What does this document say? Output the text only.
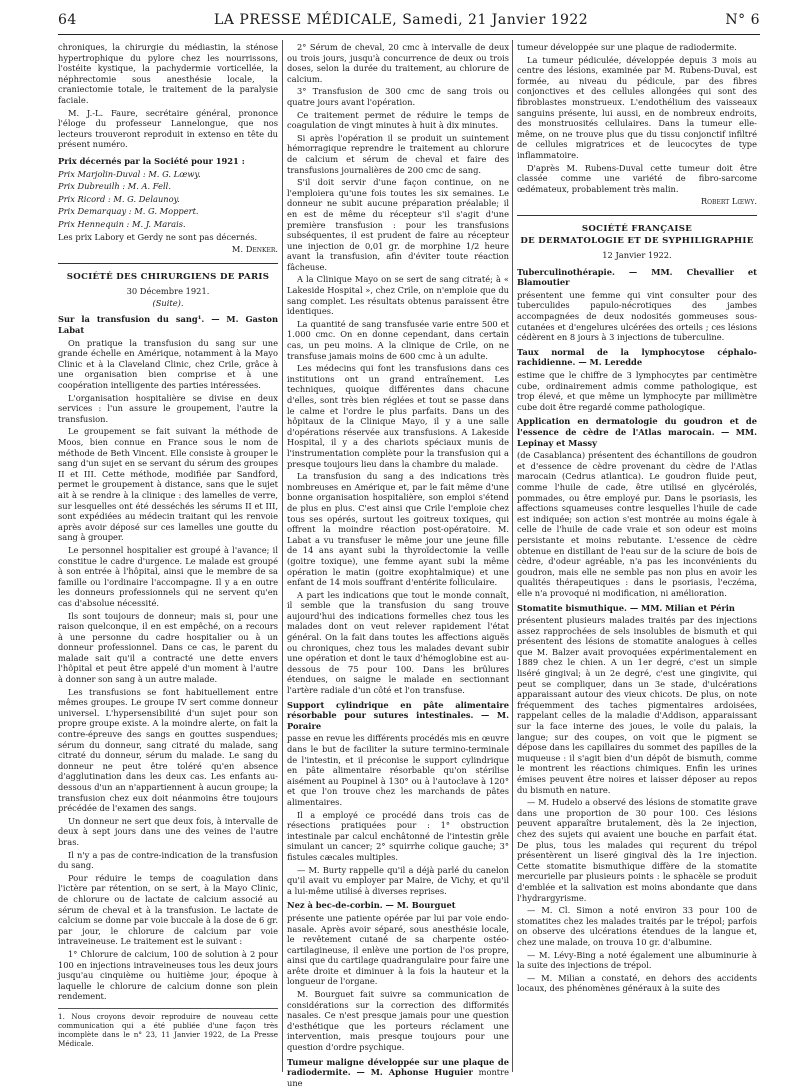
64	LA PRESSE MÉDICALE, Samedi, 21 Janvier 1922	N° 6

chroniques, la chirurgie du médiastin, la sténose hypertrophique du pylore chez les nourrissons, l'ostéite kystique, la pachydermie vorticellée, la néphrectomie sous anesthésie locale, la craniectomie totale, le traitement de la paralysie faciale.

M. J.-L. Faure, secrétaire général, prononce l'éloge du professeur Lannelongue, que nos lecteurs trouveront reproduit in extenso en tête du présent numéro.

Prix décernés par la Société pour 1921 :

Prix Marjolin-Duval : M. G. Lœwy.

Prix Dubreuilh : M. A. Fell.

Prix Ricord : M. G. Delaunoy.

Prix Demarquay : M. G. Moppert.

Prix Hennequin : M. J. Marais.

Les prix Labory et Gerdy ne sont pas décernés.

M. Denker.
SOCIÉTÉ DES CHIRURGIENS DE PARIS
30 Décembre 1921.
(Suite).

Sur la transfusion du sang¹. — M. Gaston Labat

On pratique la transfusion du sang sur une grande échelle en Amérique, notamment à la Mayo Clinic et à la Claveland Clinic, chez Crile, grâce à une organisation bien comprise et à une coopération intelligente des parties intéressées.

L'organisation hospitalière se divise en deux services : l'un assure le groupement, l'autre la transfusion.

Le groupement se fait suivant la méthode de Moos, bien connue en France sous le nom de méthode de Beth Vincent. Elle consiste à grouper le sang d'un sujet en se servant du sérum des groupes II et III. Cette méthode, modifiée par Sandford, permet le groupement à distance, sans que le sujet ait à se rendre à la clinique : des lamelles de verre, sur lesquelles ont été desséchés les sérums II et III, sont expédiées au médecin traitant qui les renvoie après avoir déposé sur ces lamelles une goutte du sang à grouper.

Le personnel hospitalier est groupé à l'avance; il constitue le cadre d'urgence. Le malade est groupé à son entrée à l'hôpital, ainsi que le membre de sa famille ou l'ordinaire l'accompagne. Il y a en outre les donneurs professionnels qui ne servent qu'en cas d'absolue nécessité.

Ils sont toujours de donneur; mais si, pour une raison quelconque, il en est empêché, on a recours à une personne du cadre hospitalier ou à un donneur professionnel. Dans ce cas, le parent du malade sait qu'il a contracté une dette envers l'hôpital et peut être appelé d'un moment à l'autre à donner son sang à un autre malade.

Les transfusions se font habituellement entre mêmes groupes. Le groupe IV sert comme donneur universel. L'hypersensibilité d'un sujet pour son propre groupe existe. A la moindre alerte, on fait la contre-épreuve des sangs en gouttes suspendues; sérum du donneur, sang citraté du malade, sang citraté du donneur, sérum du malade. Le sang du donneur ne peut être toléré qu'en absence d'agglutination dans les deux cas. Les enfants au-dessous d'un an n'appartiennent à aucun groupe; la transfusion chez eux doit néanmoins être toujours précédée de l'examen des sangs.

Un donneur ne sert que deux fois, à intervalle de deux à sept jours dans une des veines de l'autre bras.

Il n'y a pas de contre-indication de la transfusion du sang.

Pour réduire le temps de coagulation dans l'ictère par rétention, on se sert, à la Mayo Clinic, de chlorure ou de lactate de calcium associé au sérum de cheval et à la transfusion. Le lactate de calcium se donne par voie buccale à la dose de 6 gr. par jour, le chlorure de calcium par voie intraveineuse. Le traitement est le suivant :

1° Chlorure de calcium, 100 de solution à 2 pour 100 en injections intraveineuses tous les deux jours jusqu'au cinquième ou huitième jour, époque à laquelle le chlorure de calcium donne son plein rendement.

1. Nous croyons devoir reproduire de nouveau cette communication qui a été publiée d'une façon très incomplète dans le n° 23, 11 Janvier 1922, de La Presse Médicale.

2° Sérum de cheval, 20 cmc à intervalle de deux ou trois jours, jusqu'à concurrence de deux ou trois doses, selon la durée du traitement, au chlorure de calcium.

3° Transfusion de 300 cmc de sang trois ou quatre jours avant l'opération.

Ce traitement permet de réduire le temps de coagulation de vingt minutes à huit à dix minutes.

Si après l'opération il se produit un suintement hémorragique reprendre le traitement au chlorure de calcium et sérum de cheval et faire des transfusions journalières de 200 cmc de sang.

S'il doit servir d'une façon continue, on ne l'emploiera qu'une fois toutes les six semaines. Le donneur ne subit aucune préparation préalable; il en est de même du récepteur s'il s'agit d'une première transfusion : pour les transfusions subséquentes, il est prudent de faire au récepteur une injection de 0,01 gr. de morphine 1/2 heure avant la transfusion, afin d'éviter toute réaction fâcheuse.

A la Clinique Mayo on se sert de sang citraté; à « Lakeside Hospital », chez Crile, on n'emploie que du sang complet. Les résultats obtenus paraissent être identiques.

La quantité de sang transfusée varie entre 500 et 1.000 cmc. On en donne cependant, dans certain cas, un peu moins. A la clinique de Crile, on ne transfuse jamais moins de 600 cmc à un adulte.

Les médecins qui font les transfusions dans ces institutions ont un grand entraînement. Les techniques, quoique différentes dans chacune d'elles, sont très bien réglées et tout se passe dans le calme et l'ordre le plus parfaits. Dans un des hôpitaux de la Clinique Mayo, il y a une salle d'opérations réservée aux transfusions. A Lakeside Hospital, il y a des chariots spéciaux munis de l'instrumentation complète pour la transfusion qui a presque toujours lieu dans la chambre du malade.

La transfusion du sang a des indications très nombreuses en Amérique et, par le fait même d'une bonne organisation hospitalière, son emploi s'étend de plus en plus. C'est ainsi que Crile l'emploie chez tous ses opérés, surtout les goitreux toxiques, qui offrent la moindre réaction post-opératoire. M. Labat a vu transfuser le même jour une jeune fille de 14 ans ayant subi la thyroïdectomie la veille (goitre toxique), une femme ayant subi la même opération le matin (goitre exophtalmique) et une enfant de 14 mois souffrant d'entérite folliculaire.

A part les indications que tout le monde connaît, il semble que la transfusion du sang trouve aujourd'hui des indications formelles chez tous les malades dont on veut relever rapidement l'état général. On la fait dans toutes les affections aiguës ou chroniques, chez tous les malades devant subir une opération et dont le taux d'hémoglobine est au-dessous de 75 pour 100. Dans les brûlures étendues, on saigne le malade en sectionnant l'artère radiale d'un côté et l'on transfuse.

Support cylindrique en pâte alimentaire résorbable pour sutures intestinales. — M. Poraire

passe en revue les différents procédés mis en œuvre dans le but de faciliter la suture termino-terminale de l'intestin, et il préconise le support cylindrique en pâte alimentaire résorbable qu'on stérilise aisément au Poupinel à 130° ou à l'autoclave à 120° et que l'on trouve chez les marchands de pâtes alimentaires.

Il a employé ce procédé dans trois cas de résections pratiquées pour : 1° obstruction intestinale par calcul enchâtonné de l'intestin grêle simulant un cancer; 2° squirrhe colique gauche; 3° fistules cæcales multiples.

— M. Burty rappelle qu'il a déjà parlé du canelon qu'il avait vu employer par Maire, de Vichy, et qu'il a lui-même utilisé à diverses reprises.

Nez à bec-de-corbin. — M. Bourguet

présente une patiente opérée par lui par voie endo-nasale. Après avoir séparé, sous anesthésie locale, le revêtement cutané de sa charpente ostéo-cartilagineuse, il enlève une portion de l'os propre, ainsi que du cartilage quadrangulaire pour faire une arête droite et diminuer à la fois la hauteur et la longueur de l'organe.

M. Bourguet fait suivre sa communication de considérations sur la correction des difformités nasales. Ce n'est presque jamais pour une question d'esthétique que les porteurs réclament une intervention, mais presque toujours pour une question d'ordre psychique.

Tumeur maligne développée sur une plaque de radiodermite. — M. Aphonse Huguier montre une

tumeur développée sur une plaque de radiodermite.

La tumeur pédiculée, développée depuis 3 mois au centre des lésions, examinée par M. Rubens-Duval, est formée, au niveau du pédicule, par des fibres conjonctives et des cellules allongées qui sont des fibroblastes monstrueux. L'endothélium des vaisseaux sanguins présente, lui aussi, en de nombreux endroits, des monstruosités cellulaires. Dans la tumeur elle-même, on ne trouve plus que du tissu conjonctif infiltré de cellules migratrices et de leucocytes de type inflammatoire.

D'après M. Rubens-Duval cette tumeur doit être classée comme une variété de fibro-sarcome œdémateux, probablement très malin.

Robert Lœwy.
SOCIÉTÉ FRANÇAISE
DE DERMATOLOGIE ET DE SYPHILIGRAPHIE
12 Janvier 1922.

Tuberculinothérapie. — MM. Chevallier et Blamoutier

présentent une femme qui vint consulter pour des tuberculides papulo-nécrotiques des jambes accompagnées de deux nodosités gommeuses sous-cutanées et d'engelures ulcérées des orteils ; ces lésions cédèrent en 8 jours à 3 injections de tuberculine.

Taux normal de la lymphocytose céphalo-rachidienne. — M. Leredde

estime que le chiffre de 3 lymphocytes par centimètre cube, ordinairement admis comme pathologique, est trop élevé, et que même un lymphocyte par millimètre cube doit être regardé comme pathologique.

Application en dermatologie du goudron et de l'essence de cèdre de l'Atlas marocain. — MM. Lepinay et Massy

(de Casablanca) présentent des échantillons de goudron et d'essence de cèdre provenant du cèdre de l'Atlas marocain (Cedrus atlantica). Le goudron fluide peut, comme l'huile de cade, être utilisé en glycérolés, pommades, ou être employé pur. Dans le psoriasis, les affections squameuses contre lesquelles l'huile de cade est indiquée; son action s'est montrée au moins égale à celle de l'huile de cade vraie et son odeur est moins persistante et moins rebutante. L'essence de cèdre obtenue en distillant de l'eau sur de la sciure de bois de cèdre, d'odeur agréable, n'a pas les inconvénients du goudron, mais elle ne semble pas non plus en avoir les qualités thérapeutiques : dans le psoriasis, l'eczéma, elle n'a provoqué ni modification, ni amélioration.

Stomatite bismuthique. — MM. Milian et Périn

présentent plusieurs malades traités par des injections assez rapprochées de sels insolubles de bismuth et qui présentent des lésions de stomatite analogues à celles que M. Balzer avait provoquées expérimentalement en 1889 chez le chien. A un 1er degré, c'est un simple liséré gingival; à un 2e degré, c'est une gingivite, qui peut se compliquer, dans un 3e stade, d'ulcérations apparaissant autour des vieux chicots. De plus, on note fréquemment des taches pigmentaires ardoisées, rappelant celles de la maladie d'Addison, apparaissant sur la face interne des joues, le voile du palais, la langue; sur des coupes, on voit que le pigment se dépose dans les capillaires du sommet des papilles de la muqueuse : il s'agit bien d'un dépôt de bismuth, comme le montrent les réactions chimiques. Enfin les urines émises peuvent être noires et laisser déposer au repos du bismuth en nature.

— M. Hudelo a observé des lésions de stomatite grave dans une proportion de 30 pour 100. Ces lésions peuvent apparaître brutalement, dès la 2e injection, chez des sujets qui avaient une bouche en parfait état. De plus, tous les malades qui reçurent du trépol présentèrent un liseré gingival dès la 1re injection. Cette stomatite bismuthique diffère de la stomatite mercurielle par plusieurs points : le sphacèle se produit d'emblée et la salivation est moins abondante que dans l'hydrargyrisme.

— M. Cl. Simon a noté environ 33 pour 100 de stomatites chez les malades traités par le trépol; parfois on observe des ulcérations étendues de la langue et, chez une malade, on trouva 10 gr. d'albumine.

— M. Lévy-Bing a noté également une albuminurie à la suite des injections de trépol.

— M. Milian a constaté, en dehors des accidents locaux, des phénomènes généraux à la suite des
